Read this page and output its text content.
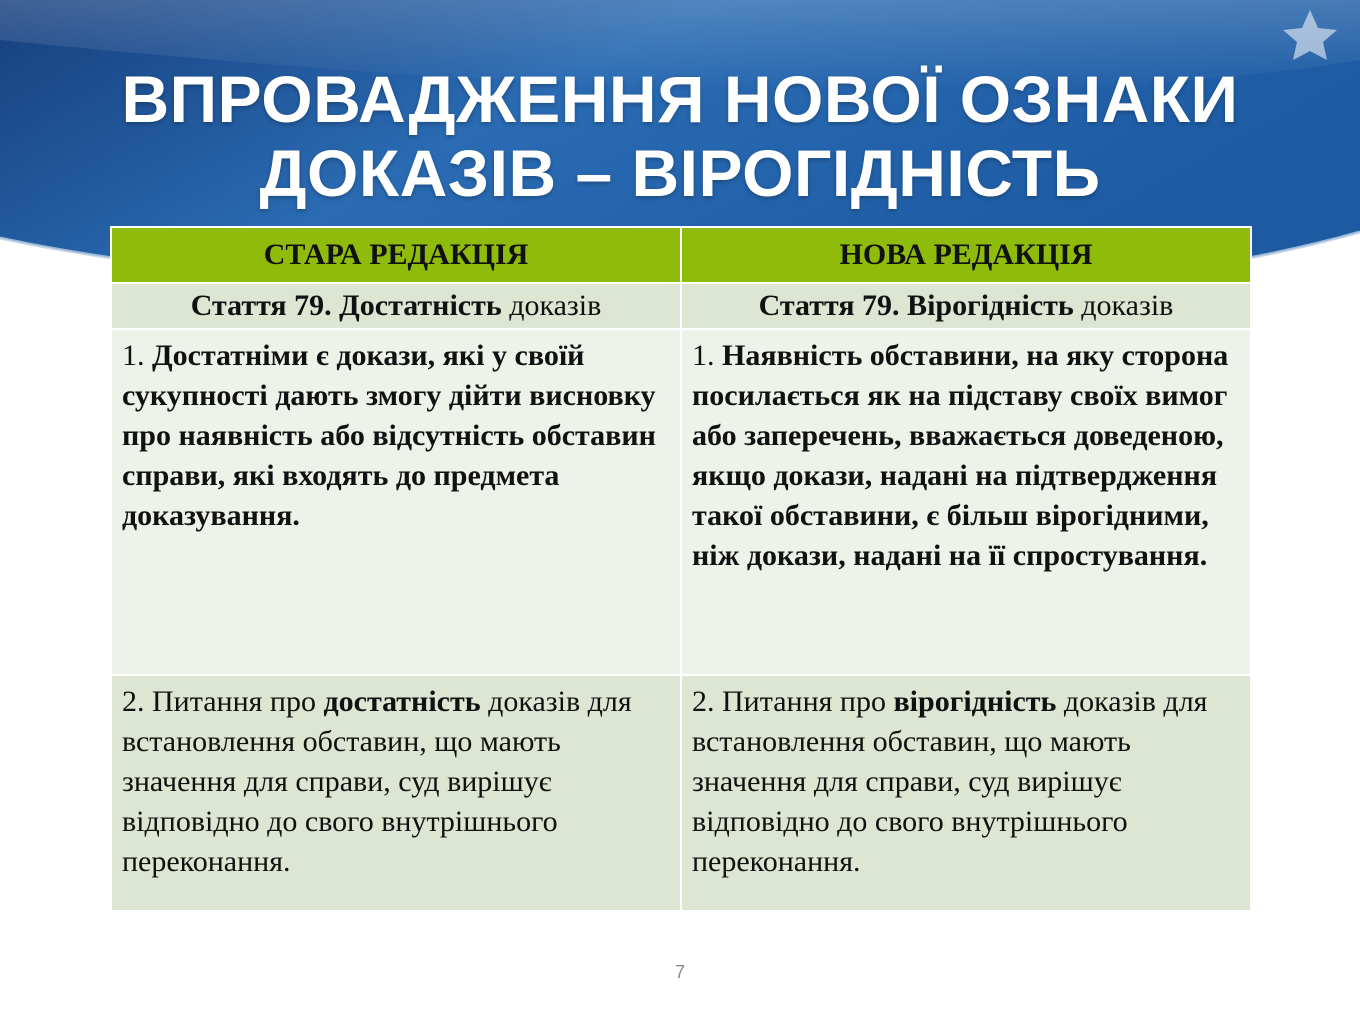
ВПРОВАДЖЕННЯ НОВОЇ ОЗНАКИ
ДОКАЗІВ – ВІРОГІДНІСТЬ
СТАРА РЕДАКЦІЯ	НОВА РЕДАКЦІЯ
Стаття 79. Достатність доказів	Стаття 79. Вірогідність доказів
1. Достатніми є докази, які у своїй сукупності дають змогу дійти висновку про наявність або відсутність обставин справи, які входять до предмета доказування.	1. Наявність обставини, на яку сторона посилається як на підставу своїх вимог або заперечень, вважається доведеною, якщо докази, надані на підтвердження такої обставини, є більш вірогідними, ніж докази, надані на її спростування.
2. Питання про достатність доказів для встановлення обставин, що мають значення для справи, суд вирішує відповідно до свого внутрішнього переконання.	2. Питання про вірогідність доказів для встановлення обставин, що мають значення для справи, суд вирішує відповідно до свого внутрішнього переконання.
7
